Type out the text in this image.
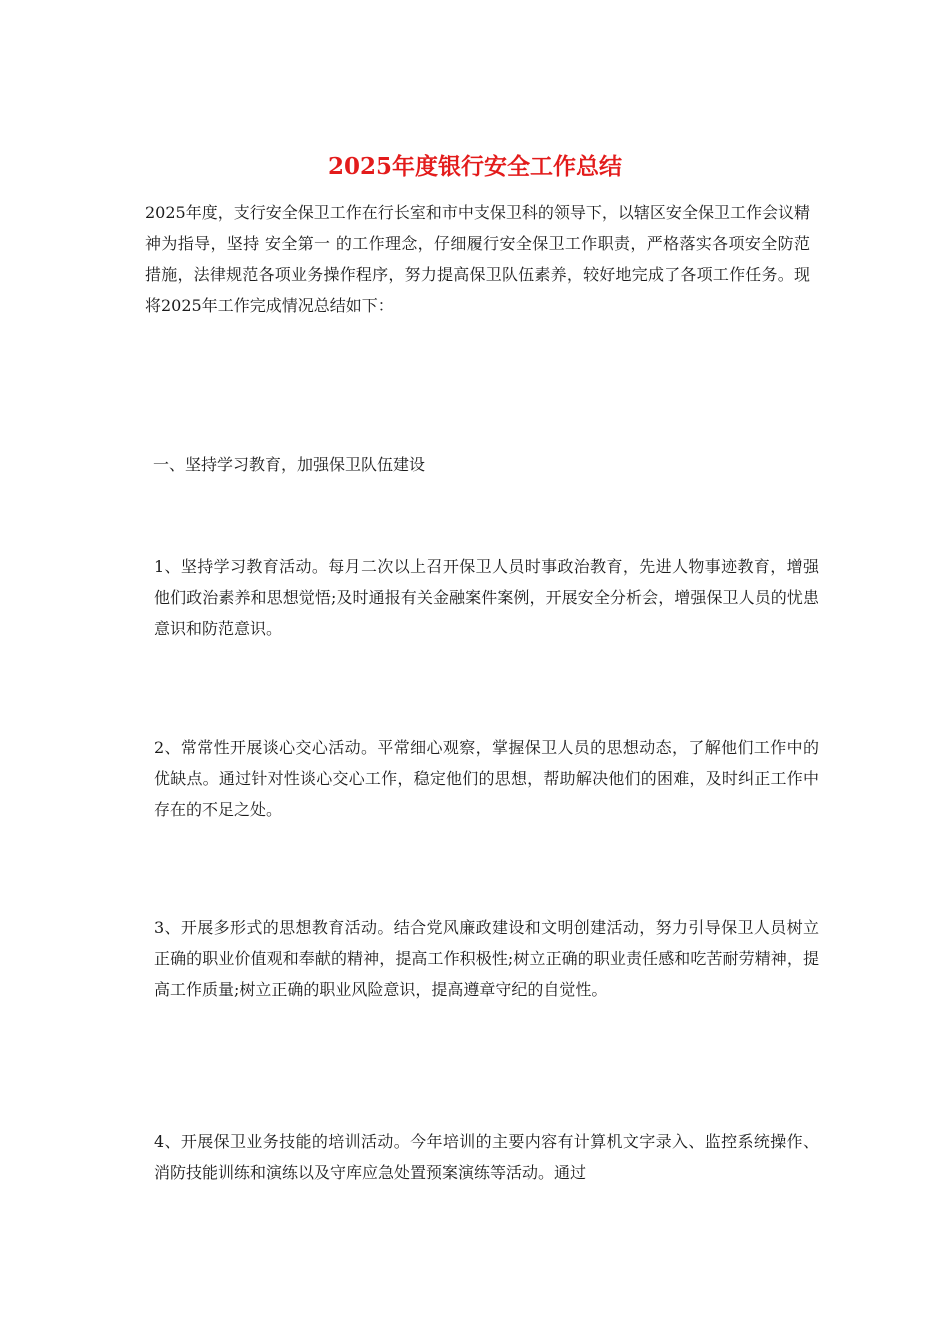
2025年度银行安全工作总结

2025年度，支行安全保卫工作在行长室和市中支保卫科的领导下，以辖区安全保卫工作会议精神为指导，坚持 安全第一 的工作理念，仔细履行安全保卫工作职责，严格落实各项安全防范措施，法律规范各项业务操作程序，努力提高保卫队伍素养，较好地完成了各项工作任务。现将2025年工作完成情况总结如下：

一、坚持学习教育，加强保卫队伍建设

1、坚持学习教育活动。每月二次以上召开保卫人员时事政治教育，先进人物事迹教育，增强他们政治素养和思想觉悟;及时通报有关金融案件案例，开展安全分析会，增强保卫人员的忧患意识和防范意识。

2、常常性开展谈心交心活动。平常细心观察，掌握保卫人员的思想动态，了解他们工作中的优缺点。通过针对性谈心交心工作，稳定他们的思想，帮助解决他们的困难，及时纠正工作中存在的不足之处。

3、开展多形式的思想教育活动。结合党风廉政建设和文明创建活动，努力引导保卫人员树立正确的职业价值观和奉献的精神，提高工作积极性;树立正确的职业责任感和吃苦耐劳精神，提高工作质量;树立正确的职业风险意识，提高遵章守纪的自觉性。

4、开展保卫业务技能的培训活动。今年培训的主要内容有计算机文字录入、监控系统操作、消防技能训练和演练以及守库应急处置预案演练等活动。通过
